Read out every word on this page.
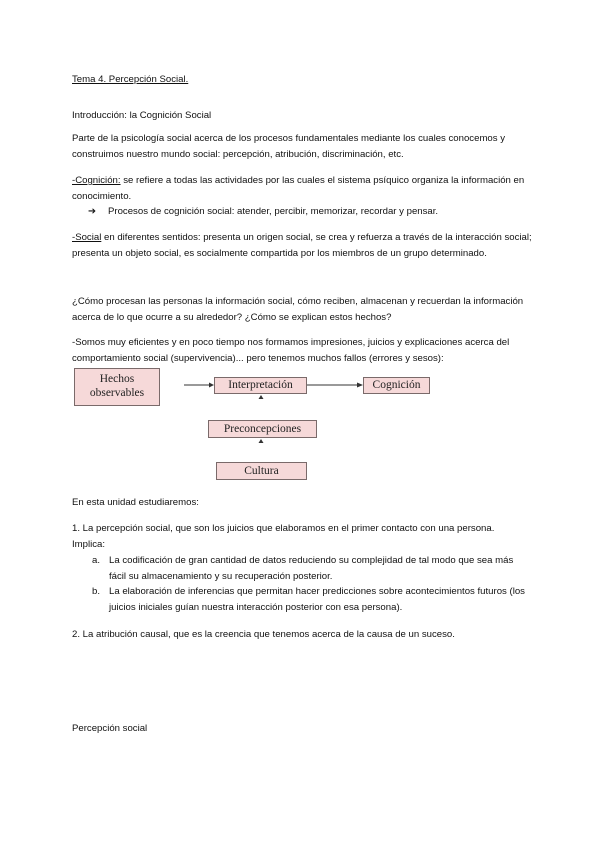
Tema 4. Percepción Social.
Introducción: la Cognición Social
Parte de la psicología social acerca de los procesos fundamentales mediante los cuales conocemos y construimos nuestro mundo social: percepción, atribución, discriminación, etc.
-Cognición: se refiere a todas las actividades por las cuales el sistema psíquico organiza la información en conocimiento.
➔ Procesos de cognición social: atender, percibir, memorizar, recordar y pensar.
-Social en diferentes sentidos: presenta un origen social, se crea y refuerza a través de la interacción social; presenta un objeto social, es socialmente compartida por los miembros de un grupo determinado.
¿Cómo procesan las personas la información social, cómo reciben, almacenan y recuerdan la información acerca de lo que ocurre a su alrededor? ¿Cómo se explican estos hechos?
-Somos muy eficientes y en poco tiempo nos formamos impresiones, juicios y explicaciones acerca del comportamiento social (supervivencia)... pero tenemos muchos fallos (errores y sesos):
Hechos
observables
Interpretación	Cognición
Preconcepciones
Cultura
En esta unidad estudiaremos:
1. La percepción social, que son los juicios que elaboramos en el primer contacto con una persona.
Implica:
a. La codificación de gran cantidad de datos reduciendo su complejidad de tal modo que sea más fácil su almacenamiento y su recuperación posterior.
b. La elaboración de inferencias que permitan hacer predicciones sobre acontecimientos futuros (los juicios iniciales guían nuestra interacción posterior con esa persona).
2. La atribución causal, que es la creencia que tenemos acerca de la causa de un suceso.
Percepción social
